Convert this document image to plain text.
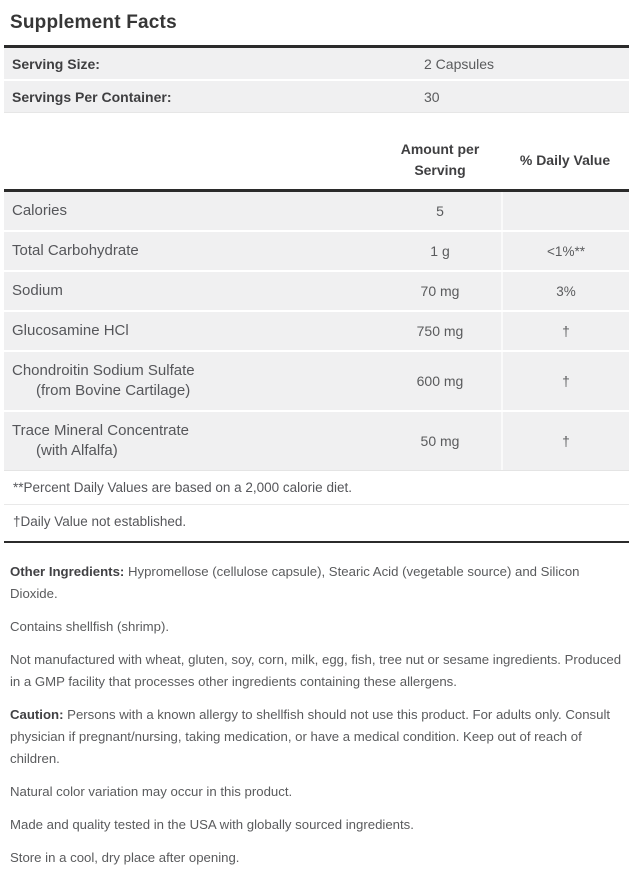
Supplement Facts
Serving Size:	2 Capsules
Servings Per Container:	30
Amount per
Serving
% Daily Value
Calories	5
Total Carbohydrate	1 g	<1%**
Sodium	70 mg	3%
Glucosamine HCl	750 mg	†
Chondroitin Sodium Sulfate
(from Bovine Cartilage)
600 mg	†
Trace Mineral Concentrate
(with Alfalfa)
50 mg	†
**Percent Daily Values are based on a 2,000 calorie diet.
†Daily Value not established.

Other Ingredients: Hypromellose (cellulose capsule), Stearic Acid (vegetable source) and Silicon Dioxide.

Contains shellfish (shrimp).

Not manufactured with wheat, gluten, soy, corn, milk, egg, fish, tree nut or sesame ingredients. Produced in a GMP facility that processes other ingredients containing these allergens.

Caution: Persons with a known allergy to shellfish should not use this product. For adults only. Consult physician if pregnant/nursing, taking medication, or have a medical condition. Keep out of reach of children.

Natural color variation may occur in this product.

Made and quality tested in the USA with globally sourced ingredients.

Store in a cool, dry place after opening.
